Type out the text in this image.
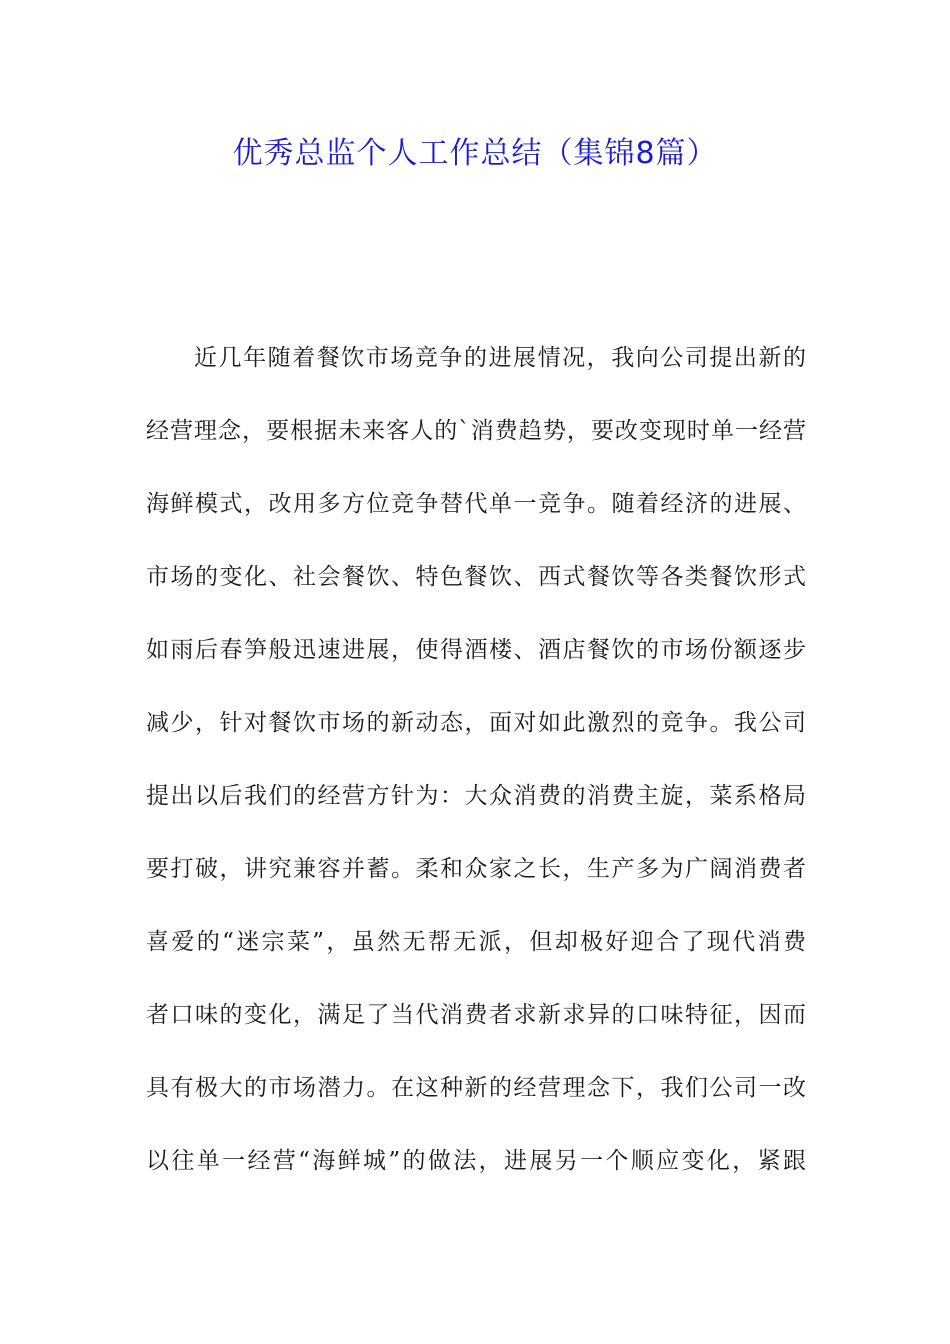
优秀总监个人工作总结（集锦8篇）
近几年随着餐饮市场竞争的进展情况，我向公司提出新的
经营理念，要根据未来客人的`消费趋势，要改变现时单一经营
海鲜模式，改用多方位竞争替代单一竞争。随着经济的进展、
市场的变化、社会餐饮、特色餐饮、西式餐饮等各类餐饮形式
如雨后春笋般迅速进展，使得酒楼、酒店餐饮的市场份额逐步
减少，针对餐饮市场的新动态，面对如此激烈的竞争。我公司
提出以后我们的经营方针为：大众消费的消费主旋，菜系格局
要打破，讲究兼容并蓄。柔和众家之长，生产多为广阔消费者
喜爱的“迷宗菜”，虽然无帮无派，但却极好迎合了现代消费
者口味的变化，满足了当代消费者求新求异的口味特征，因而
具有极大的市场潜力。在这种新的经营理念下，我们公司一改
以往单一经营“海鲜城”的做法，进展另一个顺应变化，紧跟
